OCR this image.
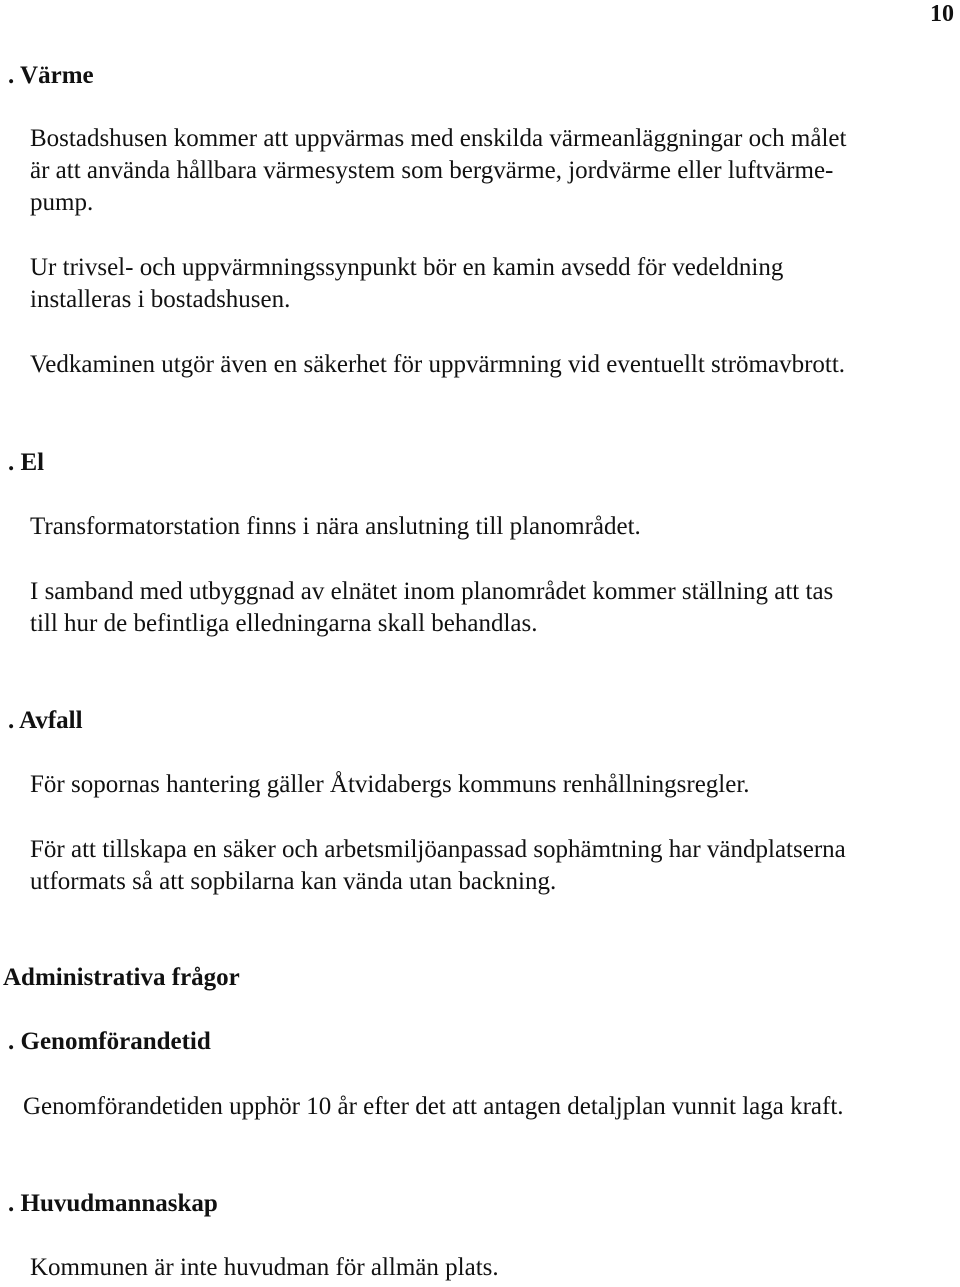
10
. Värme
Bostadshusen kommer att uppvärmas med enskilda värmeanläggningar och målet
är att använda hållbara värmesystem som bergvärme, jordvärme eller luftvärme-
pump.
Ur trivsel- och uppvärmningssynpunkt bör en kamin avsedd för vedeldning
installeras i bostadshusen.
Vedkaminen utgör även en säkerhet för uppvärmning vid eventuellt strömavbrott.
. El
Transformatorstation finns i nära anslutning till planområdet.
I samband med utbyggnad av elnätet inom planområdet kommer ställning att tas
till hur de befintliga elledningarna skall behandlas.
. Avfall
För sopornas hantering gäller Åtvidabergs kommuns renhållningsregler.
För att tillskapa en säker och arbetsmiljöanpassad sophämtning har vändplatserna
utformats så att sopbilarna kan vända utan backning.
Administrativa frågor
. Genomförandetid
Genomförandetiden upphör 10 år efter det att antagen detaljplan vunnit laga kraft.
. Huvudmannaskap
Kommunen är inte huvudman för allmän plats.
